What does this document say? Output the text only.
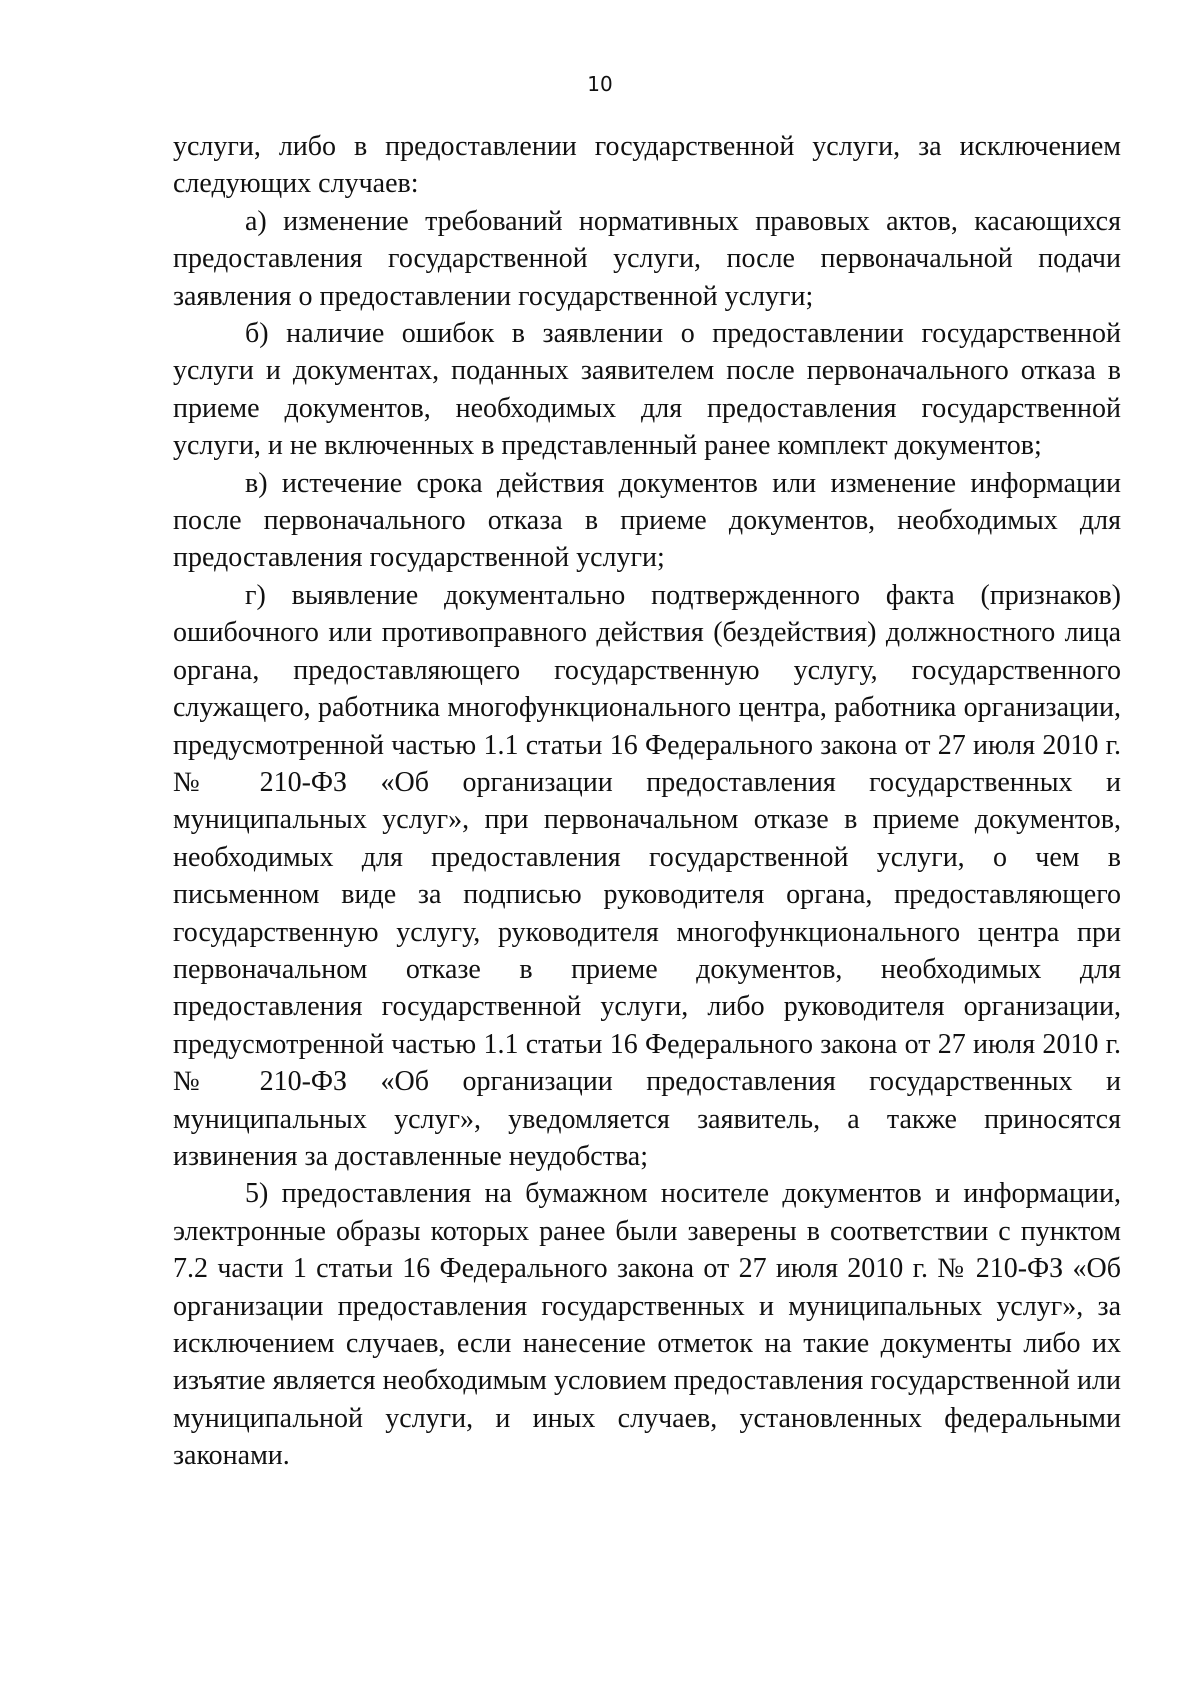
10

услуги, либо в предоставлении государственной услуги, за исключением следующих случаев:

а) изменение требований нормативных правовых актов, касающихся предоставления государственной услуги, после первоначальной подачи заявления о предоставлении государственной услуги;

б) наличие ошибок в заявлении о предоставлении государственной услуги и документах, поданных заявителем после первоначального отказа в приеме документов, необходимых для предоставления государственной услуги, и не включенных в представленный ранее комплект документов;

в) истечение срока действия документов или изменение информации после первоначального отказа в приеме документов, необходимых для предоставления государственной услуги;

г) выявление документально подтвержденного факта (признаков) ошибочного или противоправного действия (бездействия) должностного лица органа, предоставляющего государственную услугу, государственного служащего, работника многофункционального центра, работника организации, предусмотренной частью 1.1 статьи 16 Федерального закона от 27 июля 2010 г. № 210-ФЗ «Об организации предоставления государственных и муниципальных услуг», при первоначальном отказе в приеме документов, необходимых для предоставления государственной услуги, о чем в письменном виде за подписью руководителя органа, предоставляющего государственную услугу, руководителя многофункционального центра при первоначальном отказе в приеме документов, необходимых для предоставления государственной услуги, либо руководителя организации, предусмотренной частью 1.1 статьи 16 Федерального закона от 27 июля 2010 г. № 210-ФЗ «Об организации предоставления государственных и муниципальных услуг», уведомляется заявитель, а также приносятся извинения за доставленные неудобства;

5) предоставления на бумажном носителе документов и информации, электронные образы которых ранее были заверены в соответствии с пунктом 7.2 части 1 статьи 16 Федерального закона от 27 июля 2010 г. № 210-ФЗ «Об организации предоставления государственных и муниципальных услуг», за исключением случаев, если нанесение отметок на такие документы либо их изъятие является необходимым условием предоставления государственной или муниципальной услуги, и иных случаев, установленных федеральными законами.
